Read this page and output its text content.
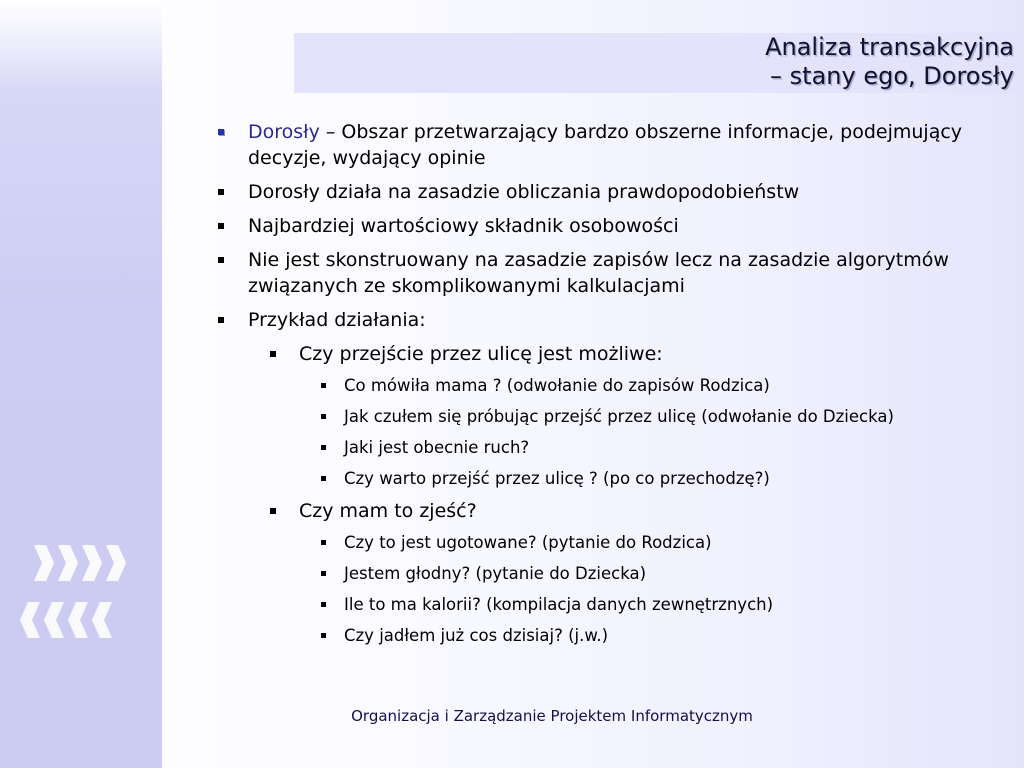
Analiza transakcyjna
– stany ego, Dorosły
Dorosły – Obszar przetwarzający bardzo obszerne informacje, podejmujący decyzje, wydający opinie
Dorosły działa na zasadzie obliczania prawdopodobieństw
Najbardziej wartościowy składnik osobowości
Nie jest skonstruowany na zasadzie zapisów lecz na zasadzie algorytmów związanych ze skomplikowanymi kalkulacjami
Przykład działania:
Czy przejście przez ulicę jest możliwe:
Co mówiła mama ? (odwołanie do zapisów Rodzica)
Jak czułem się próbując przejść przez ulicę (odwołanie do Dziecka)
Jaki jest obecnie ruch?
Czy warto przejść przez ulicę ? (po co przechodzę?)
Czy mam to zjeść?
Czy to jest ugotowane? (pytanie do Rodzica)
Jestem głodny? (pytanie do Dziecka)
Ile to ma kalorii? (kompilacja danych zewnętrznych)
Czy jadłem już cos dzisiaj? (j.w.)
Organizacja i Zarządzanie Projektem Informatycznym
